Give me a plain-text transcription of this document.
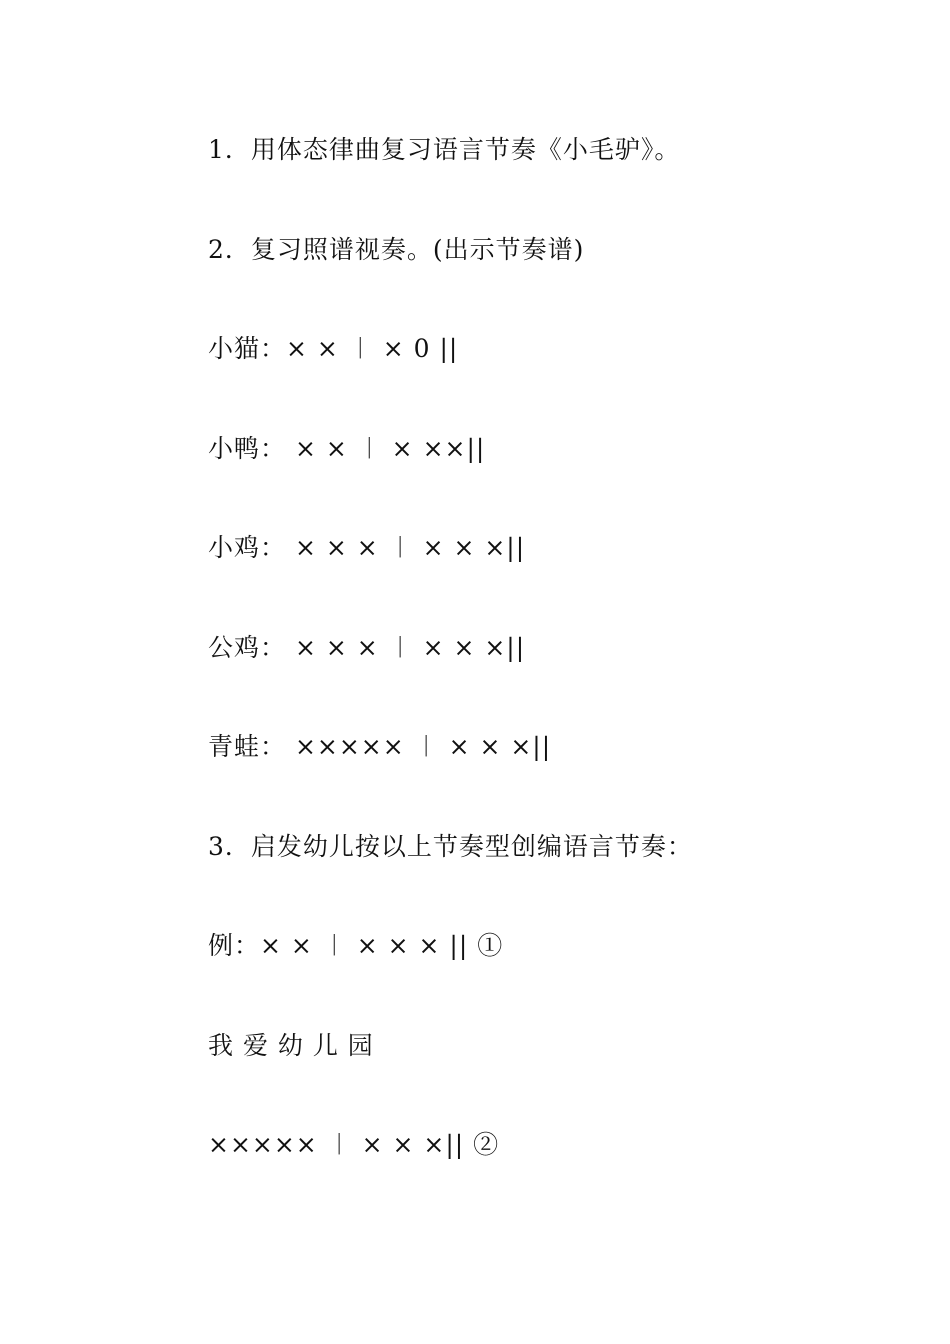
1．用体态律曲复习语言节奏《小毛驴》。
2．复习照谱视奏。(出示节奏谱)
小猫：× × ︱ × 0 ||
小鸭： × × ︱ × ××||
小鸡： × × × ︱ × × ×||
公鸡： × × × ︱ × × ×||
青蛙： ××××× ︱ × × ×||
3．启发幼儿按以上节奏型创编语言节奏：
例：× × ︱ × × × || ①
我 爱 幼 儿 园
××××× ︱ × × ×|| ②
